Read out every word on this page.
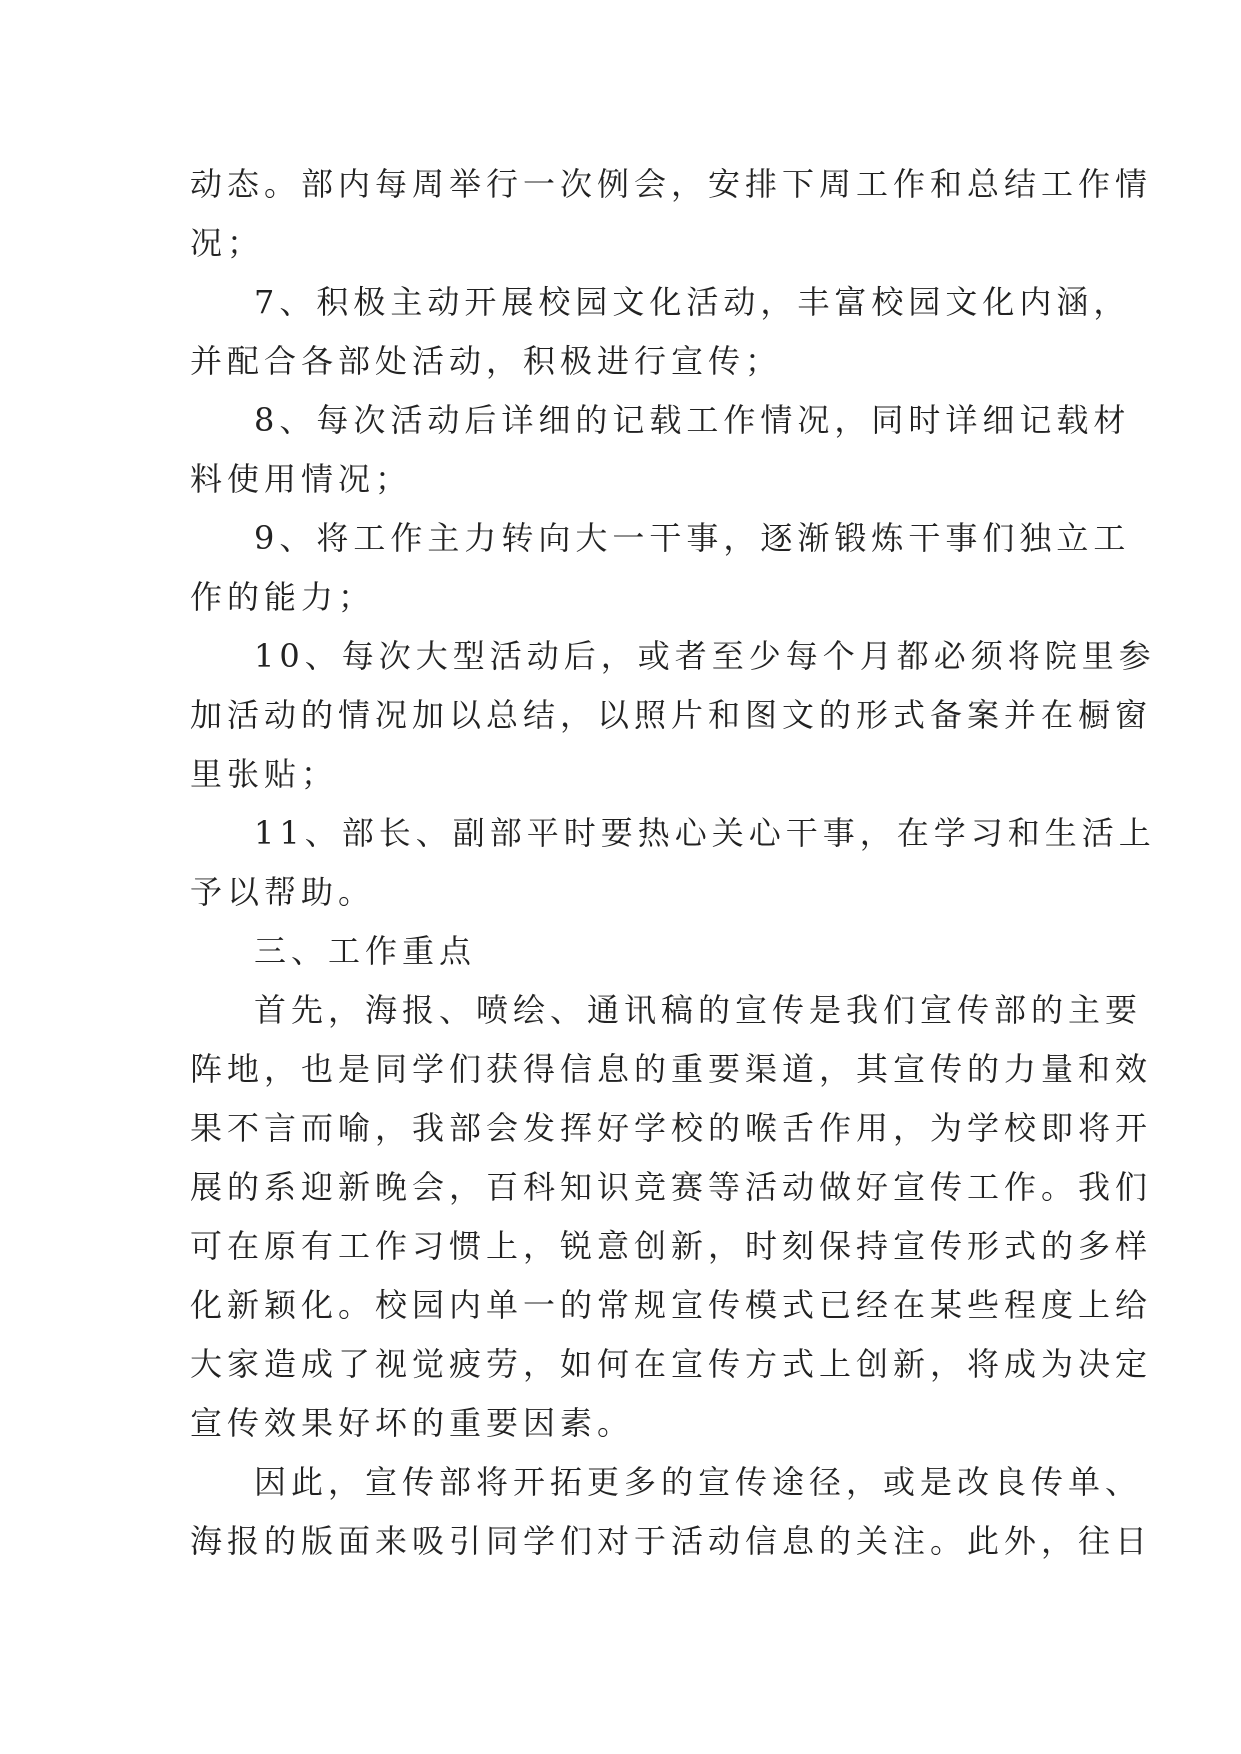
动态。部内每周举行一次例会，安排下周工作和总结工作情
况；
7、积极主动开展校园文化活动，丰富校园文化内涵，
并配合各部处活动，积极进行宣传；
8、每次活动后详细的记载工作情况，同时详细记载材
料使用情况；
9、将工作主力转向大一干事，逐渐锻炼干事们独立工
作的能力；
10、每次大型活动后，或者至少每个月都必须将院里参
加活动的情况加以总结，以照片和图文的形式备案并在橱窗
里张贴；
11、部长、副部平时要热心关心干事，在学习和生活上
予以帮助。
三、工作重点
首先，海报、喷绘、通讯稿的宣传是我们宣传部的主要
阵地，也是同学们获得信息的重要渠道，其宣传的力量和效
果不言而喻，我部会发挥好学校的喉舌作用，为学校即将开
展的系迎新晚会，百科知识竞赛等活动做好宣传工作。我们
可在原有工作习惯上，锐意创新，时刻保持宣传形式的多样
化新颖化。校园内单一的常规宣传模式已经在某些程度上给
大家造成了视觉疲劳，如何在宣传方式上创新，将成为决定
宣传效果好坏的重要因素。
因此，宣传部将开拓更多的宣传途径，或是改良传单、
海报的版面来吸引同学们对于活动信息的关注。此外，往日
